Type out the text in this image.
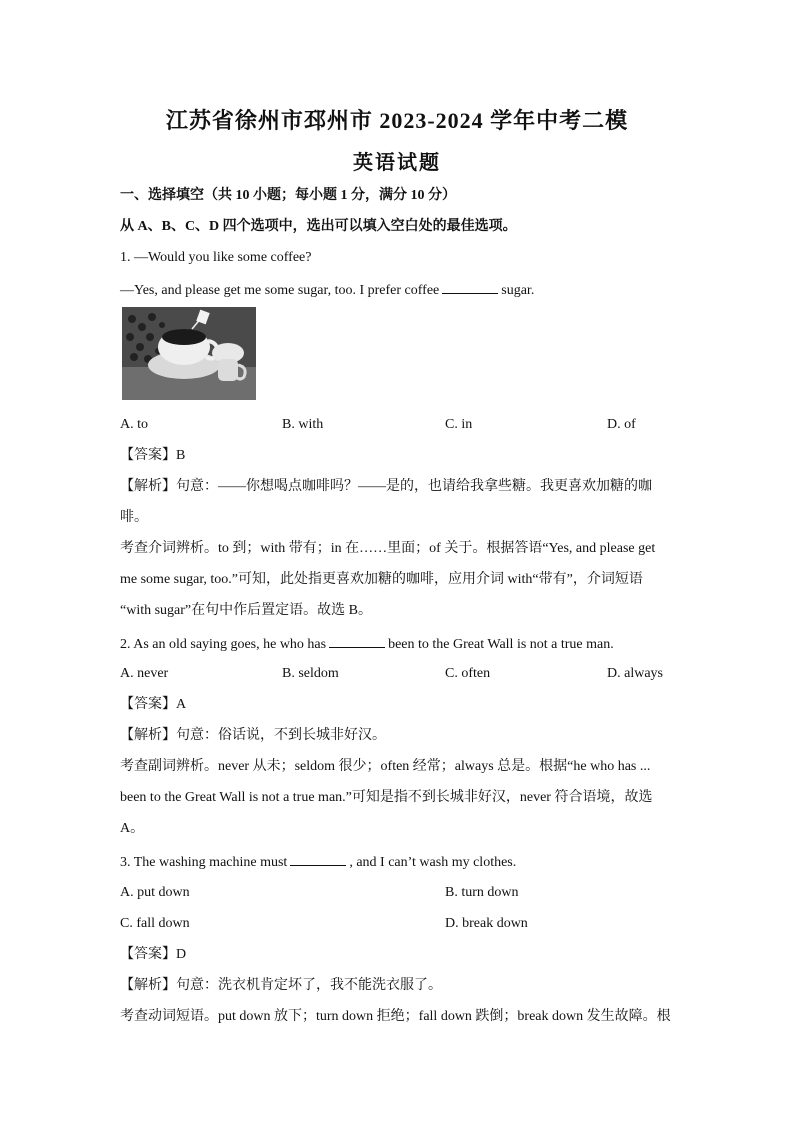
江苏省徐州市邳州市 2023-2024 学年中考二模
英语试题
一、选择填空（共 10 小题；每小题 1 分，满分 10 分）
从 A、B、C、D 四个选项中，选出可以填入空白处的最佳选项。
1. —Would you like some coffee?
—Yes, and please get me some sugar, too. I prefer coffee	sugar.
A. to	B. with	C. in	D. of
【答案】B
【解析】句意：——你想喝点咖啡吗？——是的，也请给我拿些糖。我更喜欢加糖的咖
啡。
考查介词辨析。to 到；with 带有；in 在……里面；of 关于。根据答语“Yes, and please get
me some sugar, too.”可知，此处指更喜欢加糖的咖啡，应用介词 with“带有”，介词短语
“with sugar”在句中作后置定语。故选 B。
2. As an old saying goes, he who has	been to the Great Wall is not a true man.
A. never	B. seldom	C. often	D. always
【答案】A
【解析】句意：俗话说，不到长城非好汉。
考查副词辨析。never 从未；seldom 很少；often 经常；always 总是。根据“he who has ...
been to the Great Wall is not a true man.”可知是指不到长城非好汉，never 符合语境，故选
A。
3. The washing machine must	, and I can’t wash my clothes.
A. put down	B. turn down
C. fall down	D. break down
【答案】D
【解析】句意：洗衣机肯定坏了，我不能洗衣服了。
考查动词短语。put down 放下；turn down 拒绝；fall down 跌倒；break down 发生故障。根
